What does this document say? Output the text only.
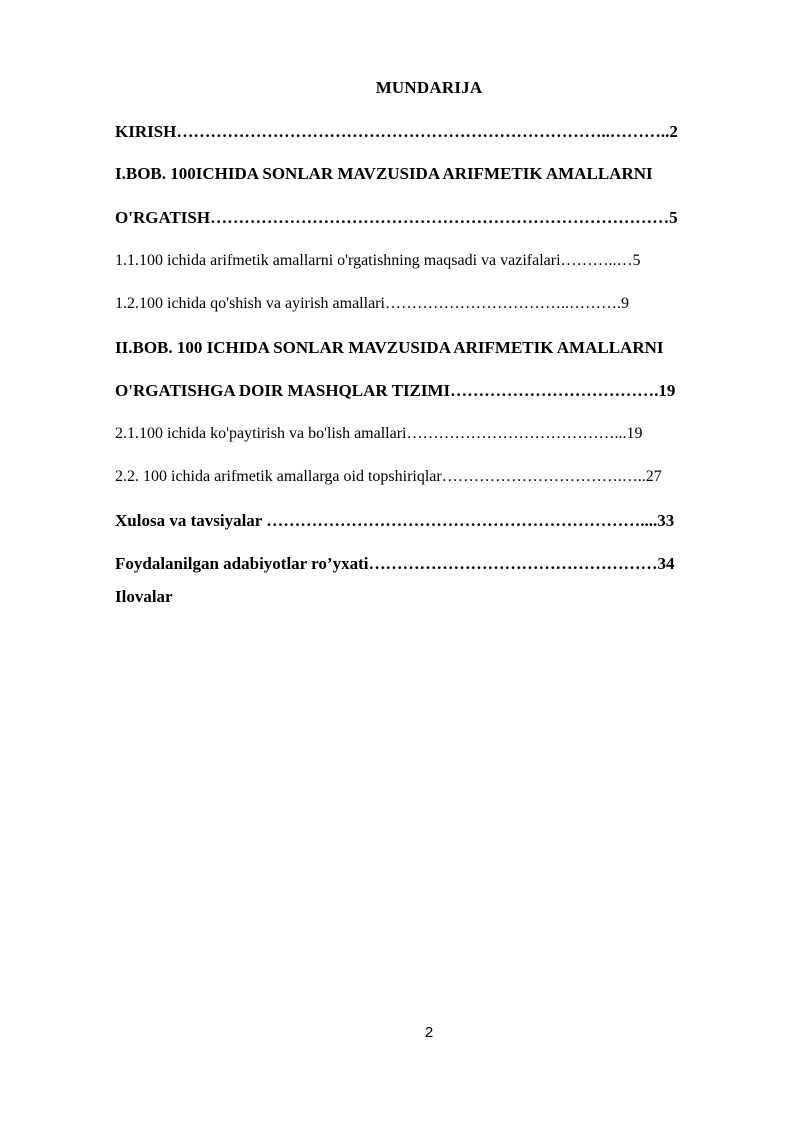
MUNDARIJA
KIRISH…………………………………………………………………..………..2
I.BOB. 100ICHIDA SONLAR MAVZUSIDA ARIFMETIK AMALLARNI
O'RGATISH………………………………………………………………………5
1.1.100 ichida arifmetik amallarni o'rgatishning maqsadi va vazifalari………..…5
1.2.100 ichida qo'shish va ayirish amallari……………………………..……….9
II.BOB. 100 ICHIDA SONLAR MAVZUSIDA ARIFMETIK AMALLARNI
O'RGATISHGA DOIR MASHQLAR TIZIMI……………………………….19
2.1.100 ichida ko'paytirish va bo'lish amallari…………………………………...19
2.2. 100 ichida arifmetik amallarga oid topshiriqlar…………………………….…..27
Xulosa va tavsiyalar …………………………………………………………....33
Foydalanilgan adabiyotlar ro’yxati……………………………………………34
Ilovalar
2
